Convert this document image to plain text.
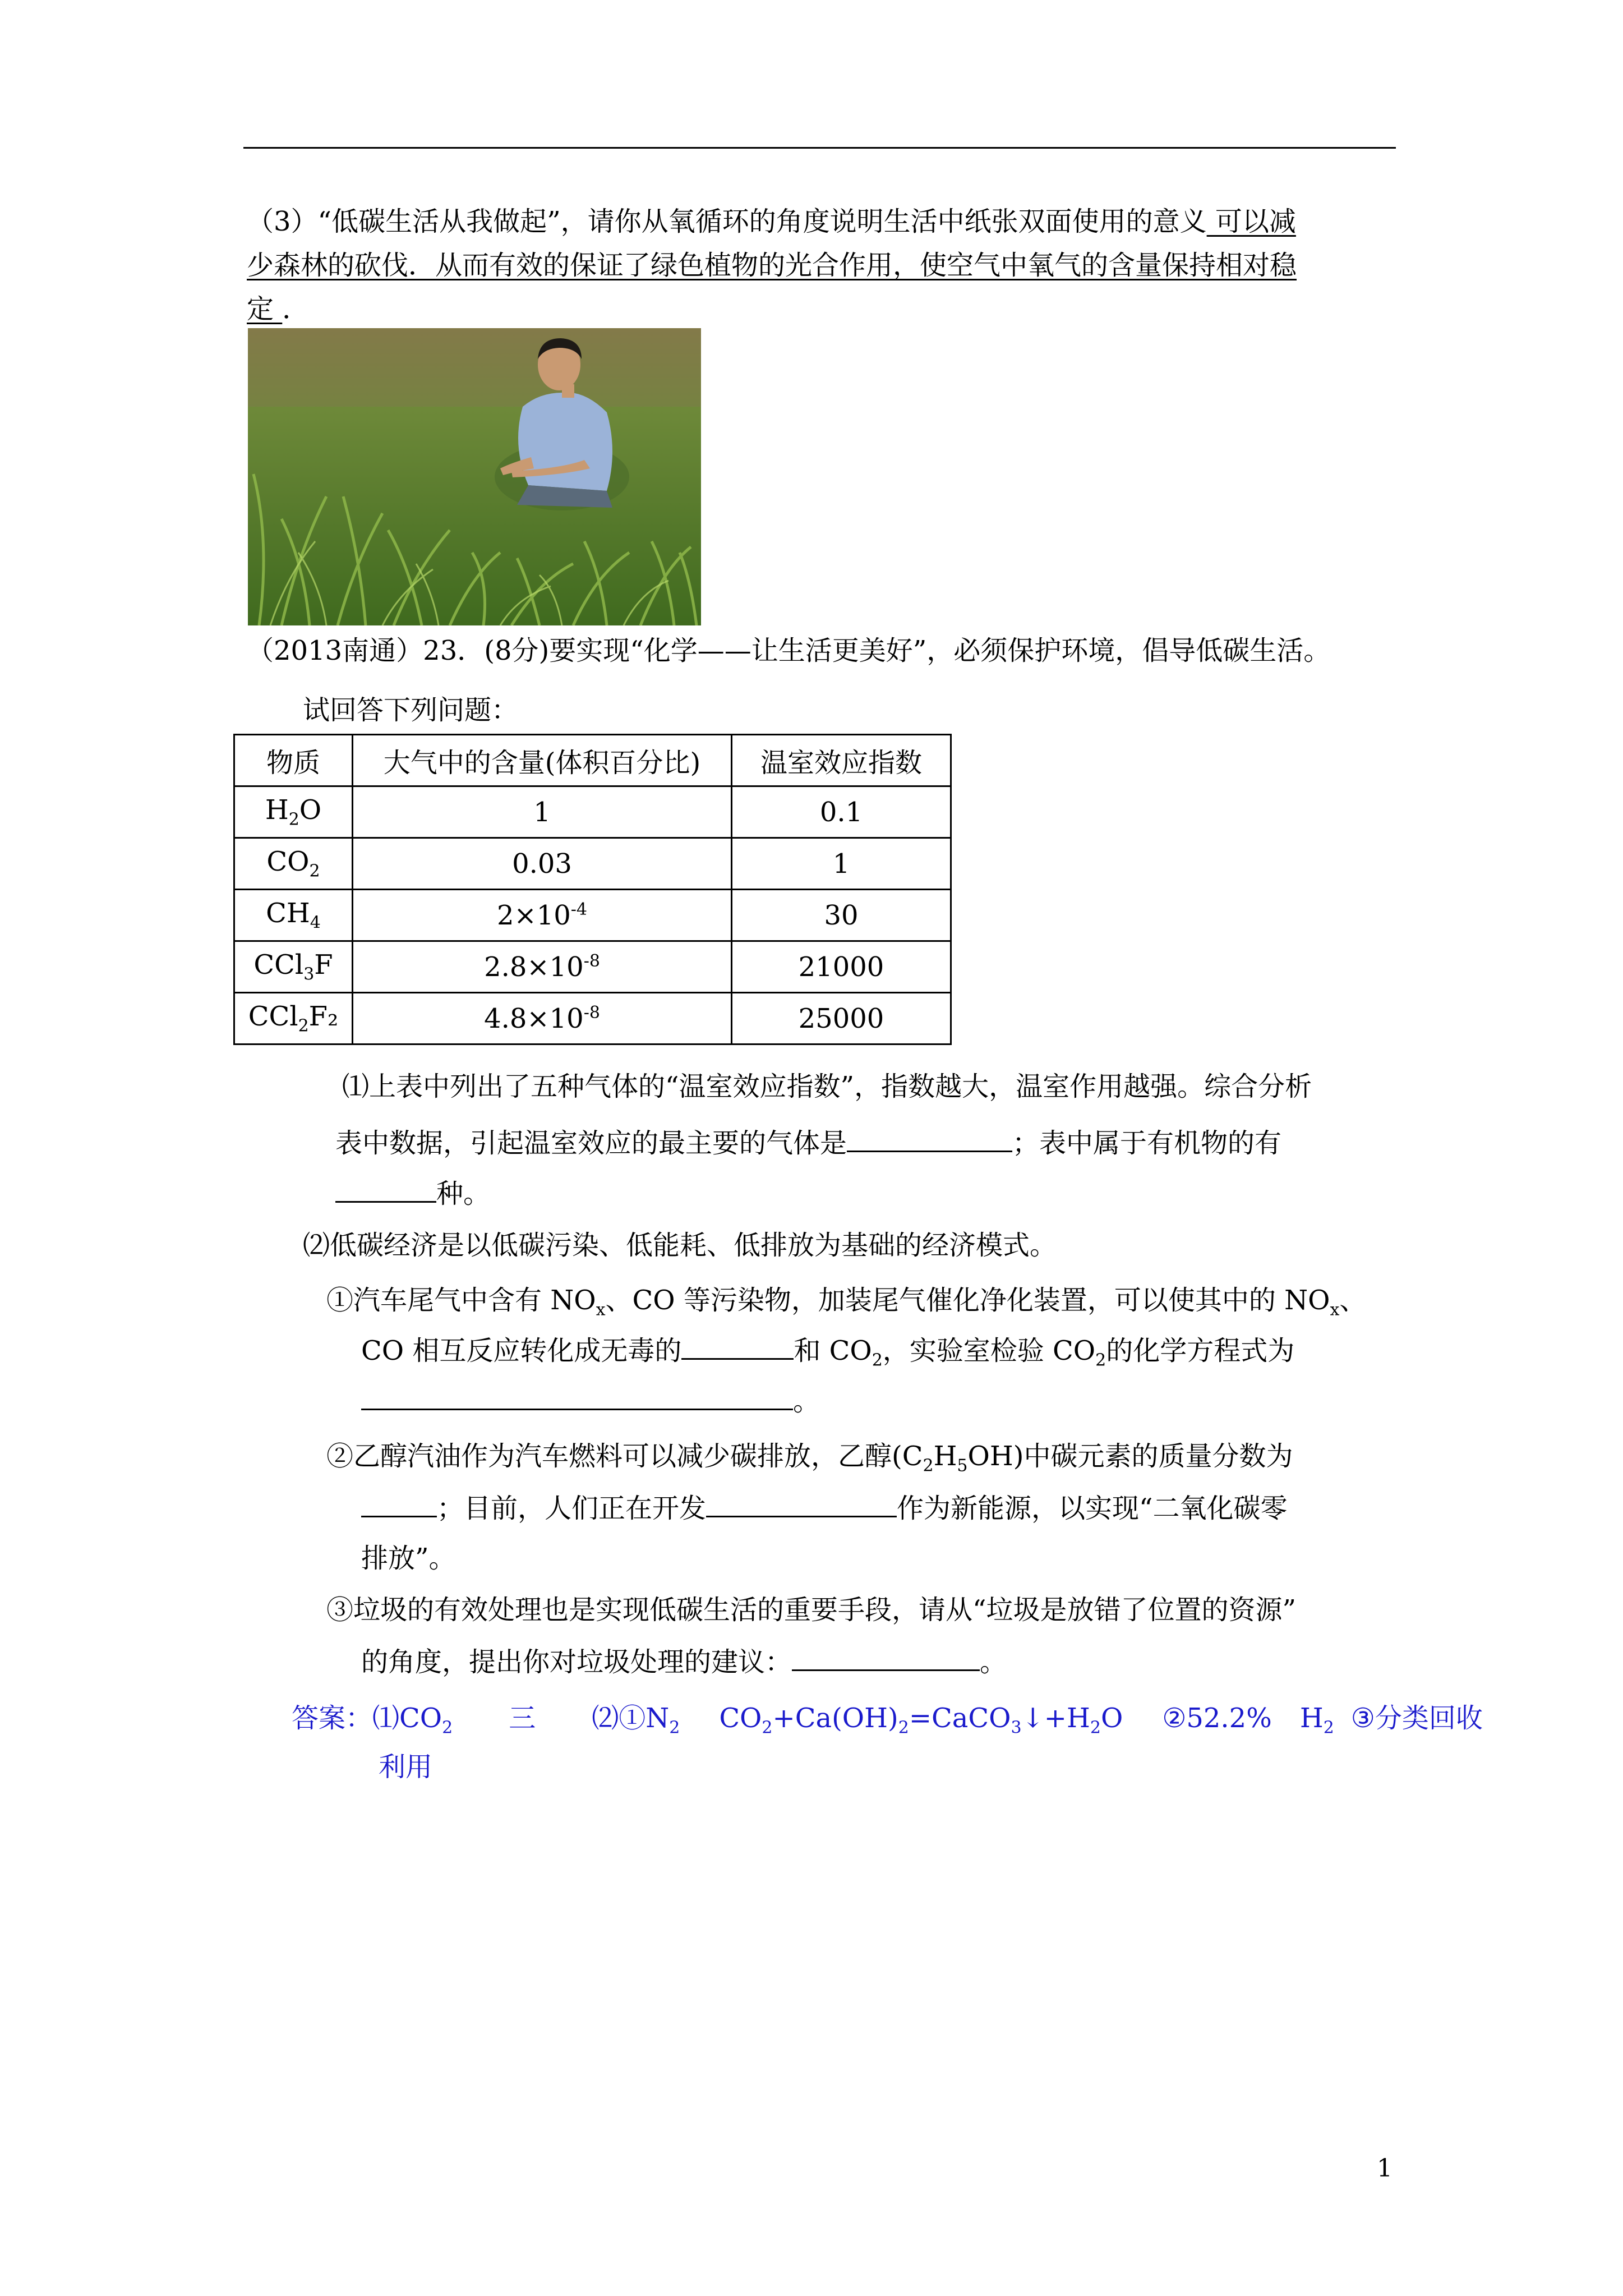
（3）“低碳生活从我做起”，请你从氧循环的角度说明生活中纸张双面使用的意义 可以减
少森林的砍伐．从而有效的保证了绿色植物的光合作用，使空气中氧气的含量保持相对稳
定 ．
（2013南通）23．(8分)要实现“化学——让生活更美好”，必须保护环境，倡导低碳生活。
试回答下列问题：
物质	大气中的含量(体积百分比)	温室效应指数
$H_2O$	1	0.1
$CO_2$	0.03	1
$CH_4$	$2\times 10^{-4}$	30
CCl$_3$F	$2.8\times 10^{-8}$	21000
CCl$_2$F₂	$4.8\times 10^{-8}$	25000
⑴上表中列出了五种气体的“温室效应指数”，指数越大，温室作用越强。综合分析
表中数据，引起温室效应的最主要的气体是	；表中属于有机物的有
种。
⑵低碳经济是以低碳污染、低能耗、低排放为基础的经济模式。
①汽车尾气中含有 $NO_x$、CO 等污染物，加装尾气催化净化装置，可以使其中的 $NO_x$、
CO 相互反应转化成无毒的	和 $CO_2$，实验室检验 $CO_2$的化学方程式为
。
②乙醇汽油作为汽车燃料可以减少碳排放，乙醇$(C_2H_5OH)$中碳元素的质量分数为
；目前，人们正在开发	作为新能源，以实现“二氧化碳零
排放”。
③垃圾的有效处理也是实现低碳生活的重要手段，请从“垃圾是放错了位置的资源”
的角度，提出你对垃圾处理的建议：	。
答案：$⑴CO_2$ 三 $⑵①N_2$ $CO_2+Ca(OH)_2=CaCO_3↓+H_2O$ ②52.2% $H_2$ ③分类回收
利用
1
